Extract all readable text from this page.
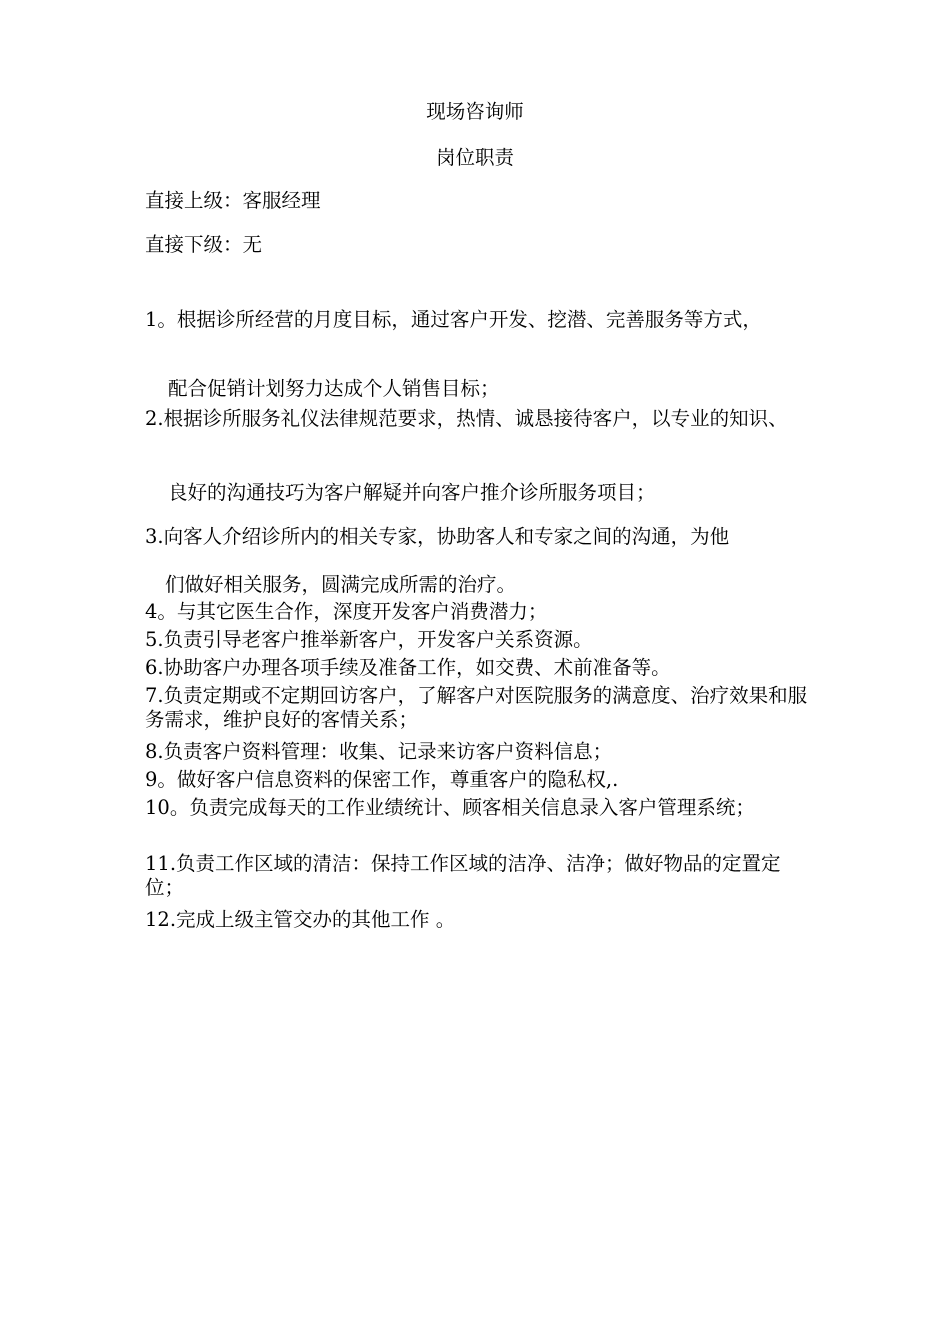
现场咨询师
岗位职责
直接上级：客服经理
直接下级：无
1。根据诊所经营的月度目标，通过客户开发、挖潜、完善服务等方式，
配合促销计划努力达成个人销售目标；
2.根据诊所服务礼仪法律规范要求，热情、诚恳接待客户，以专业的知识、
良好的沟通技巧为客户解疑并向客户推介诊所服务项目；
3.向客人介绍诊所内的相关专家，协助客人和专家之间的沟通，为他
们做好相关服务，圆满完成所需的治疗。
4。与其它医生合作，深度开发客户消费潜力；
5.负责引导老客户推举新客户，开发客户关系资源。
6.协助客户办理各项手续及准备工作，如交费、术前准备等。
7.负责定期或不定期回访客户，了解客户对医院服务的满意度、治疗效果和服务需求，维护良好的客情关系；
8.负责客户资料管理：收集、记录来访客户资料信息；
9。做好客户信息资料的保密工作，尊重客户的隐私权,.
10。负责完成每天的工作业绩统计、顾客相关信息录入客户管理系统；
11.负责工作区域的清洁：保持工作区域的洁净、洁净；做好物品的定置定位；
12.完成上级主管交办的其他工作 。
